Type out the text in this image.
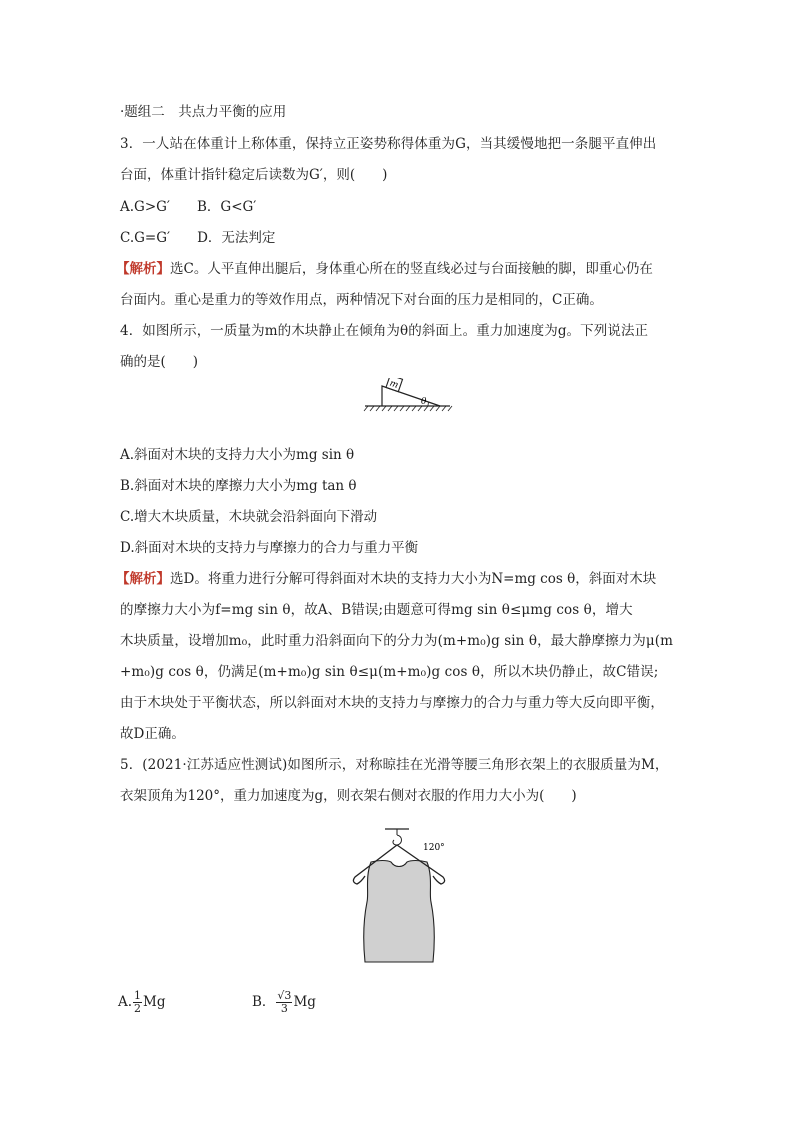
·题组二　共点力平衡的应用
3．一人站在体重计上称体重，保持立正姿势称得体重为G，当其缓慢地把一条腿平直伸出
台面，体重计指针稳定后读数为G′，则(　　)
A.G>G′　　B．G<G′
C.G=G′　　D．无法判定
【解析】选C。人平直伸出腿后，身体重心所在的竖直线必过与台面接触的脚，即重心仍在
台面内。重心是重力的等效作用点，两种情况下对台面的压力是相同的，C正确。
4．如图所示，一质量为m的木块静止在倾角为θ的斜面上。重力加速度为g。下列说法正
确的是(　　)
m
θ
A.斜面对木块的支持力大小为mg sin θ
B.斜面对木块的摩擦力大小为mg tan θ
C.增大木块质量，木块就会沿斜面向下滑动
D.斜面对木块的支持力与摩擦力的合力与重力平衡
【解析】选D。将重力进行分解可得斜面对木块的支持力大小为N=mg cos θ，斜面对木块
的摩擦力大小为f=mg sin θ，故A、B错误;由题意可得mg sin θ≤μmg cos θ，增大
木块质量，设增加m₀，此时重力沿斜面向下的分力为(m+m₀)g sin θ，最大静摩擦力为μ(m
+m₀)g cos θ，仍满足(m+m₀)g sin θ≤μ(m+m₀)g cos θ，所以木块仍静止，故C错误;
由于木块处于平衡状态，所以斜面对木块的支持力与摩擦力的合力与重力等大反向即平衡，
故D正确。
5．(2021·江苏适应性测试)如图所示，对称晾挂在光滑等腰三角形衣架上的衣服质量为M，
衣架顶角为120°，重力加速度为g，则衣架右侧对衣服的作用力大小为(　　)
120°
A. $\frac{1}{2}$ Mg	B． $\frac{√3}{3}$ Mg
